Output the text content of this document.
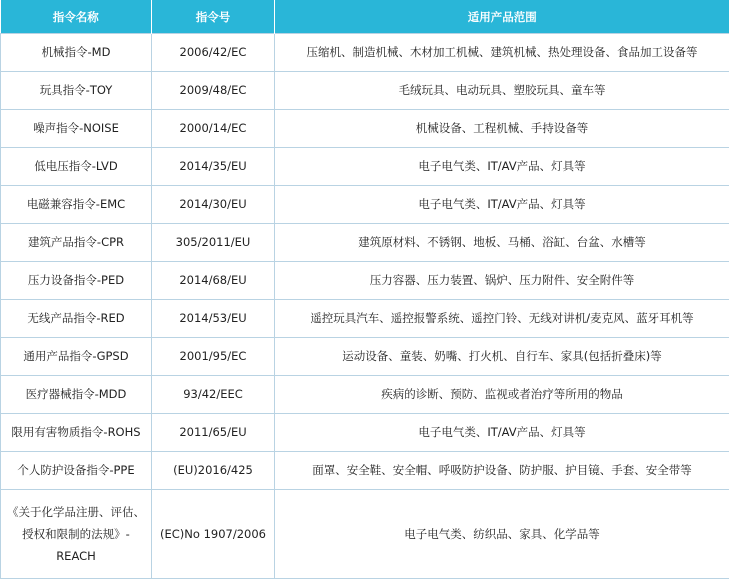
指令名称	指令号	适用产品范围
机械指令-MD	2006/42/EC	压缩机、制造机械、木材加工机械、建筑机械、热处理设备、食品加工设备等
玩具指令-TOY	2009/48/EC	毛绒玩具、电动玩具、塑胶玩具、童车等
噪声指令-NOISE	2000/14/EC	机械设备、工程机械、手持设备等
低电压指令-LVD	2014/35/EU	电子电气类、IT/AV产品、灯具等
电磁兼容指令-EMC	2014/30/EU	电子电气类、IT/AV产品、灯具等
建筑产品指令-CPR	305/2011/EU	建筑原材料、不锈钢、地板、马桶、浴缸、台盆、水槽等
压力设备指令-PED	2014/68/EU	压力容器、压力装置、锅炉、压力附件、安全附件等
无线产品指令-RED	2014/53/EU	遥控玩具汽车、遥控报警系统、遥控门铃、无线对讲机/麦克风、蓝牙耳机等
通用产品指令-GPSD	2001/95/EC	运动设备、童装、奶嘴、打火机、自行车、家具(包括折叠床)等
医疗器械指令-MDD	93/42/EEC	疾病的诊断、预防、监视或者治疗等所用的物品
限用有害物质指令-ROHS	2011/65/EU	电子电气类、IT/AV产品、灯具等
个人防护设备指令-PPE	(EU)2016/425	面罩、安全鞋、安全帽、呼吸防护设备、防护服、护目镜、手套、安全带等
《关于化学品注册、评估、授权和限制的法规》-REACH	(EC)No 1907/2006	电子电气类、纺织品、家具、化学品等
